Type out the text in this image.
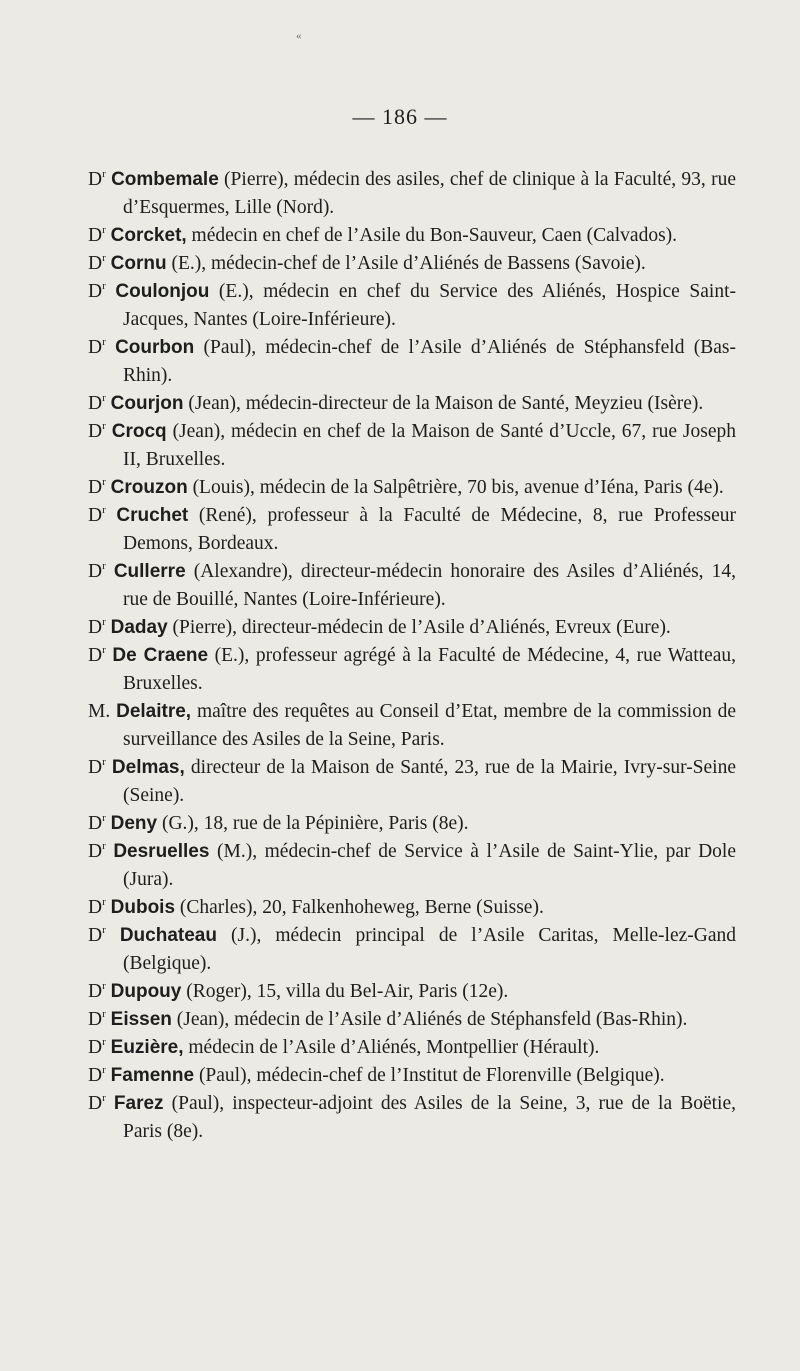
«
— 186 —
$D^r$ Combemale (Pierre), médecin des asiles, chef de clinique à la Faculté, 93, rue d’Esquermes, Lille (Nord).
$D^r$ Corcket, médecin en chef de l’Asile du Bon-Sauveur, Caen (Calvados).
$D^r$ Cornu (E.), médecin-chef de l’Asile d’Aliénés de Bassens (Savoie).
$D^r$ Coulonjou (E.), médecin en chef du Service des Aliénés, Hospice Saint-Jacques, Nantes (Loire-Inférieure).
$D^r$ Courbon (Paul), médecin-chef de l’Asile d’Aliénés de Stéphansfeld (Bas-Rhin).
$D^r$ Courjon (Jean), médecin-directeur de la Maison de Santé, Meyzieu (Isère).
$D^r$ Crocq (Jean), médecin en chef de la Maison de Santé d’Uccle, 67, rue Joseph II, Bruxelles.
$D^r$ Crouzon (Louis), médecin de la Salpêtrière, 70 bis, avenue d’Iéna, Paris (4e).
$D^r$ Cruchet (René), professeur à la Faculté de Médecine, 8, rue Professeur Demons, Bordeaux.
$D^r$ Cullerre (Alexandre), directeur-médecin honoraire des Asiles d’Aliénés, 14, rue de Bouillé, Nantes (Loire-Inférieure).
$D^r$ Daday (Pierre), directeur-médecin de l’Asile d’Aliénés, Evreux (Eure).
$D^r$ De Craene (E.), professeur agrégé à la Faculté de Médecine, 4, rue Watteau, Bruxelles.
M. Delaitre, maître des requêtes au Conseil d’Etat, membre de la commission de surveillance des Asiles de la Seine, Paris.
$D^r$ Delmas, directeur de la Maison de Santé, 23, rue de la Mairie, Ivry-sur-Seine (Seine).
$D^r$ Deny (G.), 18, rue de la Pépinière, Paris (8e).
$D^r$ Desruelles (M.), médecin-chef de Service à l’Asile de Saint-Ylie, par Dole (Jura).
$D^r$ Dubois (Charles), 20, Falkenhoheweg, Berne (Suisse).
$D^r$ Duchateau (J.), médecin principal de l’Asile Caritas, Melle-lez-Gand (Belgique).
$D^r$ Dupouy (Roger), 15, villa du Bel-Air, Paris (12e).
$D^r$ Eissen (Jean), médecin de l’Asile d’Aliénés de Stéphansfeld (Bas-Rhin).
$D^r$ Euzière, médecin de l’Asile d’Aliénés, Montpellier (Hérault).
$D^r$ Famenne (Paul), médecin-chef de l’Institut de Florenville (Belgique).
$D^r$ Farez (Paul), inspecteur-adjoint des Asiles de la Seine, 3, rue de la Boëtie, Paris (8e).
